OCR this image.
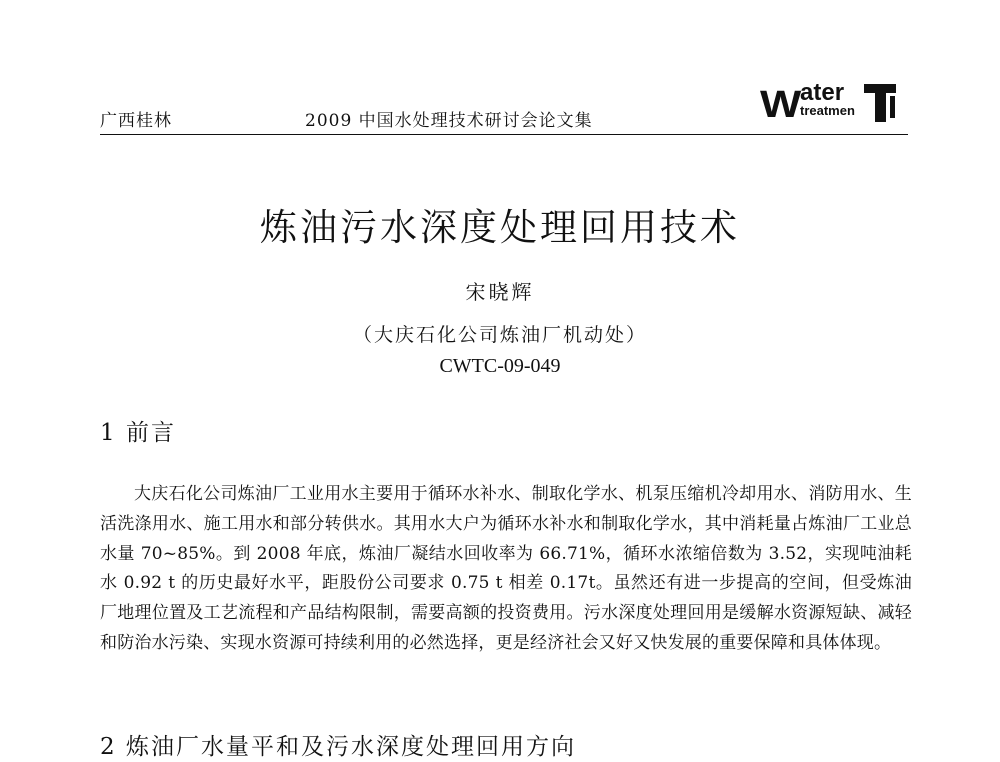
广西桂林	2009 中国水处理技术研讨会论文集	W ater
treatmen
炼油污水深度处理回用技术
宋晓辉
（大庆石化公司炼油厂机动处）
CWTC-09-049
1 前言

大庆石化公司炼油厂工业用水主要用于循环水补水、制取化学水、机泵压缩机冷却用水、消防用水、生活洗涤用水、施工用水和部分转供水。其用水大户为循环水补水和制取化学水，其中消耗量占炼油厂工业总水量 70~85%。到 2008 年底，炼油厂凝结水回收率为 66.71%，循环水浓缩倍数为 3.52，实现吨油耗水 0.92 t 的历史最好水平，距股份公司要求 0.75 t 相差 0.17t。虽然还有进一步提高的空间，但受炼油厂地理位置及工艺流程和产品结构限制，需要高额的投资费用。污水深度处理回用是缓解水资源短缺、减轻和防治水污染、实现水资源可持续利用的必然选择，更是经济社会又好又快发展的重要保障和具体体现。

2 炼油厂水量平和及污水深度处理回用方向
